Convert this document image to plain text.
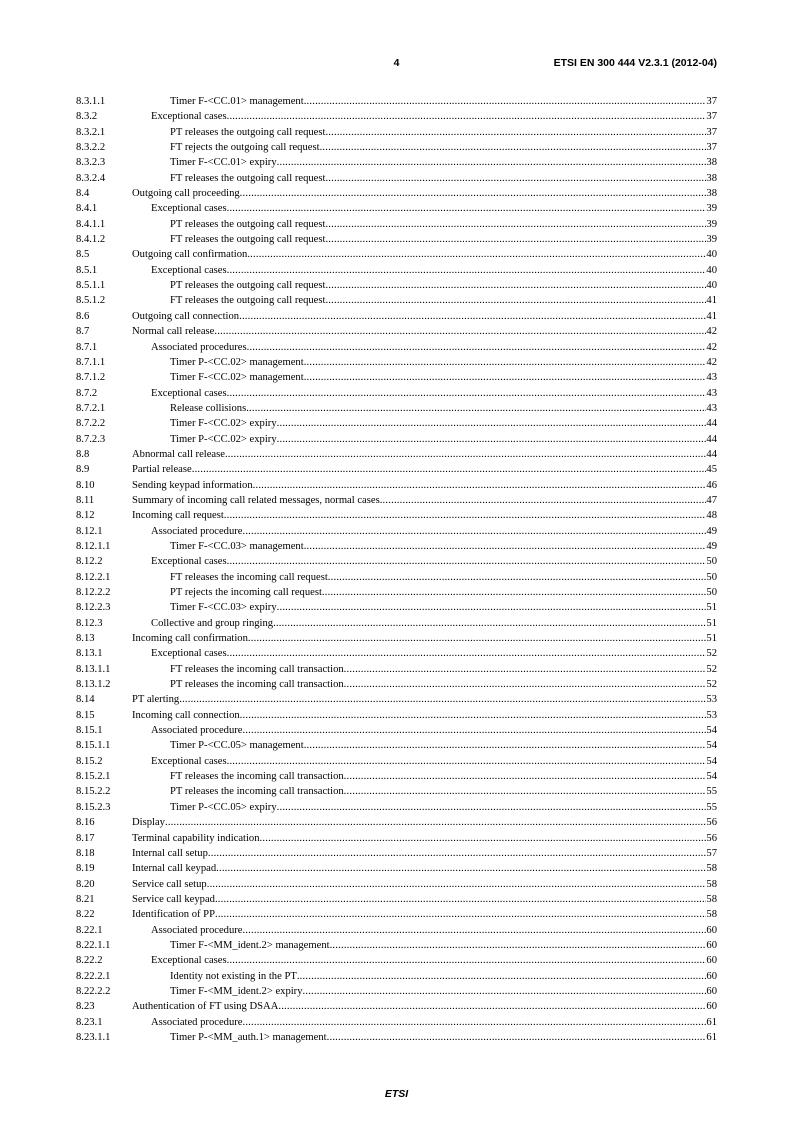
4	ETSI EN 300 444 V2.3.1 (2012-04)
8.3.1.1	Timer F-<CC.01> management .....	37
8.3.2	Exceptional cases .....	37
8.3.2.1	PT releases the outgoing call request .....	37
8.3.2.2	FT rejects the outgoing call request .....	37
8.3.2.3	Timer F-<CC.01> expiry .....	38
8.3.2.4	FT releases the outgoing call request .....	38
8.4	Outgoing call proceeding .....	38
8.4.1	Exceptional cases .....	39
8.4.1.1	PT releases the outgoing call request .....	39
8.4.1.2	FT releases the outgoing call request .....	39
8.5	Outgoing call confirmation .....	40
8.5.1	Exceptional cases .....	40
8.5.1.1	PT releases the outgoing call request .....	40
8.5.1.2	FT releases the outgoing call request .....	41
8.6	Outgoing call connection .....	41
8.7	Normal call release .....	42
8.7.1	Associated procedures .....	42
8.7.1.1	Timer P-<CC.02> management .....	42
8.7.1.2	Timer F-<CC.02> management .....	43
8.7.2	Exceptional cases .....	43
8.7.2.1	Release collisions .....	43
8.7.2.2	Timer F-<CC.02> expiry .....	44
8.7.2.3	Timer P-<CC.02> expiry .....	44
8.8	Abnormal call release .....	44
8.9	Partial release .....	45
8.10	Sending keypad information .....	46
8.11	Summary of incoming call related messages, normal cases .....	47
8.12	Incoming call request .....	48
8.12.1	Associated procedure .....	49
8.12.1.1	Timer F-<CC.03> management .....	49
8.12.2	Exceptional cases .....	50
8.12.2.1	FT releases the incoming call request .....	50
8.12.2.2	PT rejects the incoming call request .....	50
8.12.2.3	Timer F-<CC.03> expiry .....	51
8.12.3	Collective and group ringing .....	51
8.13	Incoming call confirmation .....	51
8.13.1	Exceptional cases .....	52
8.13.1.1	FT releases the incoming call transaction .....	52
8.13.1.2	PT releases the incoming call transaction .....	52
8.14	PT alerting .....	53
8.15	Incoming call connection .....	53
8.15.1	Associated procedure .....	54
8.15.1.1	Timer P-<CC.05> management .....	54
8.15.2	Exceptional cases .....	54
8.15.2.1	FT releases the incoming call transaction .....	54
8.15.2.2	PT releases the incoming call transaction .....	55
8.15.2.3	Timer P-<CC.05> expiry .....	55
8.16	Display .....	56
8.17	Terminal capability indication .....	56
8.18	Internal call setup .....	57
8.19	Internal call keypad .....	58
8.20	Service call setup .....	58
8.21	Service call keypad .....	58
8.22	Identification of PP .....	58
8.22.1	Associated procedure .....	60
8.22.1.1	Timer F-<MM_ident.2> management .....	60
8.22.2	Exceptional cases .....	60
8.22.2.1	Identity not existing in the PT .....	60
8.22.2.2	Timer F-<MM_ident.2> expiry .....	60
8.23	Authentication of FT using DSAA .....	60
8.23.1	Associated procedure .....	61
8.23.1.1	Timer P-<MM_auth.1> management .....	61
ETSI
